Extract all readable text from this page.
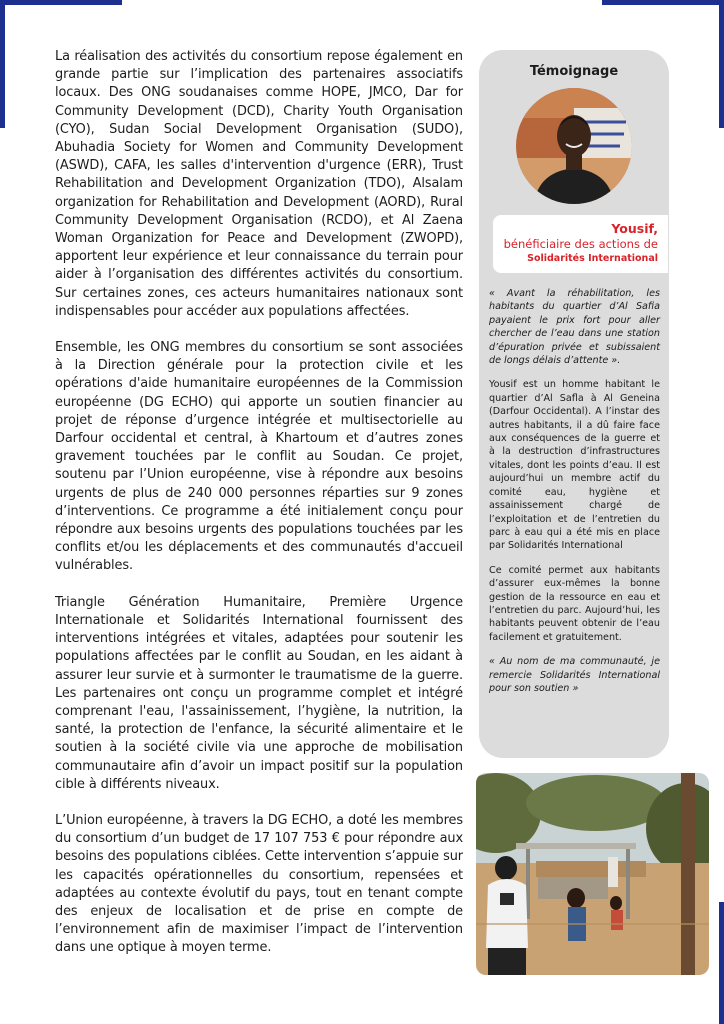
La réalisation des activités du consortium repose également en grande partie sur l’implication des partenaires associatifs locaux. Des ONG soudanaises comme HOPE, JMCO, Dar for Community Development (DCD), Charity Youth Organisation (CYO), Sudan Social Development Organisation (SUDO), Abuhadia Society for Women and Community Development (ASWD), CAFA, les salles d'intervention d'urgence (ERR), Trust Rehabilitation and Development Organization (TDO), Alsalam organization for Rehabilitation and Development (AORD), Rural Community Development Organisation (RCDO), et Al Zaena Woman Organization for Peace and Development (ZWOPD), apportent leur expérience et leur connaissance du terrain pour aider à l’organisation des différentes activités du consortium. Sur certaines zones, ces acteurs humanitaires nationaux sont indispensables pour accéder aux populations affectées.

Ensemble, les ONG membres du consortium se sont associées à la Direction générale pour la protection civile et les opérations d'aide humanitaire européennes de la Commission européenne (DG ECHO) qui apporte un soutien financier au projet de réponse d’urgence intégrée et multisectorielle au Darfour occidental et central, à Khartoum et d’autres zones gravement touchées par le conflit au Soudan. Ce projet, soutenu par l’Union européenne, vise à répondre aux besoins urgents de plus de 240 000 personnes réparties sur 9 zones d’interventions. Ce programme a été initialement conçu pour répondre aux besoins urgents des populations touchées par les conflits et/ou les déplacements et des communautés d'accueil vulnérables.

Triangle Génération Humanitaire, Première Urgence Internationale et Solidarités International fournissent des interventions intégrées et vitales, adaptées pour soutenir les populations affectées par le conflit au Soudan, en les aidant à assurer leur survie et à surmonter le traumatisme de la guerre. Les partenaires ont conçu un programme complet et intégré comprenant l'eau, l'assainissement, l’hygiène, la nutrition, la santé, la protection de l'enfance, la sécurité alimentaire et le soutien à la société civile via une approche de mobilisation communautaire afin d’avoir un impact positif sur la population cible à différents niveaux.

L’Union européenne, à travers la DG ECHO, a doté les membres du consortium d’un budget de 17 107 753 € pour répondre aux besoins des populations ciblées. Cette intervention s’appuie sur les capacités opérationnelles du consortium, repensées et adaptées au contexte évolutif du pays, tout en tenant compte des enjeux de localisation et de prise en compte de l’environnement afin de maximiser l’impact de l’intervention dans une optique à moyen terme.

Témoignage
Yousif,
bénéficiaire des actions de
Solidarités International

« Avant la réhabilitation, les habitants du quartier d’Al Safia payaient le prix fort pour aller chercher de l’eau dans une station d’épuration privée et subissaient de longs délais d’attente ».

Yousif est un homme habitant le quartier d’Al Safla à Al Geneina (Darfour Occidental). A l’instar des autres habitants, il a dû faire face aux conséquences de la guerre et à la destruction d’infrastructures vitales, dont les points d’eau. Il est aujourd’hui un membre actif du comité eau, hygiène et assainissement chargé de l’exploitation et de l’entretien du parc à eau qui a été mis en place par Solidarités International

Ce comité permet aux habitants d’assurer eux-mêmes la bonne gestion de la ressource en eau et l’entretien du parc. Aujourd’hui, les habitants peuvent obtenir de l’eau facilement et gratuitement.

« Au nom de ma communauté, je remercie Solidarités International pour son soutien »
